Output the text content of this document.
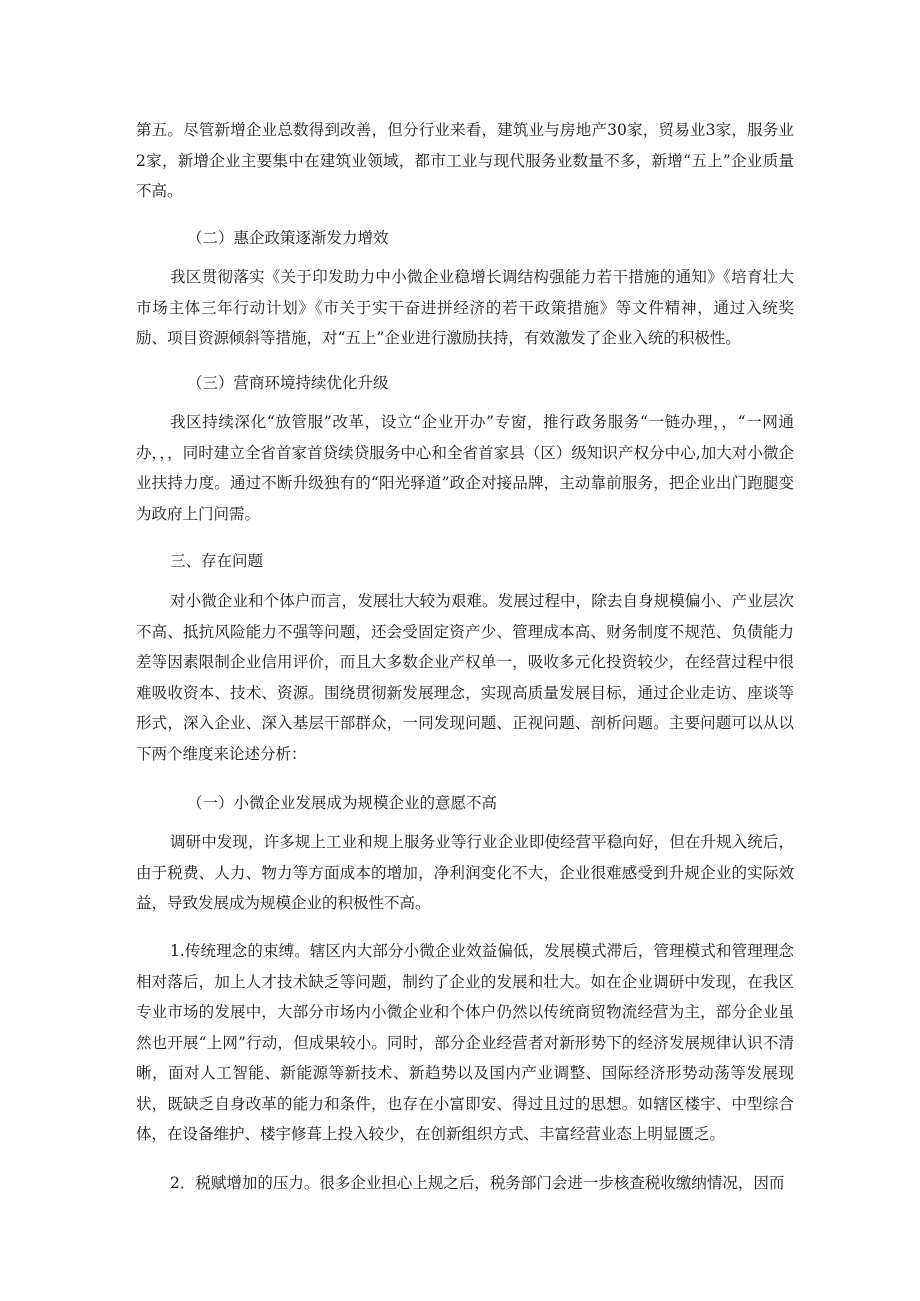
第五。尽管新增企业总数得到改善，但分行业来看，建筑业与房地产30家，贸易业3家，服务业2家，新增企业主要集中在建筑业领域，都市工业与现代服务业数量不多，新增“五上”企业质量不高。

（二）惠企政策逐渐发力增效

我区贯彻落实《关于印发助力中小微企业稳增长调结构强能力若干措施的通知》《培育壮大市场主体三年行动计划》《市关于实干奋进拼经济的若干政策措施》等文件精神，通过入统奖励、项目资源倾斜等措施，对“五上”企业进行激励扶持，有效激发了企业入统的积极性。

（三）营商环境持续优化升级

我区持续深化“放管服”改革，设立“企业开办”专窗，推行政务服务“一链办理，，“一网通办，，，同时建立全省首家首贷续贷服务中心和全省首家县（区）级知识产权分中心,加大对小微企业扶持力度。通过不断升级独有的“阳光驿道”政企对接品牌，主动靠前服务，把企业出门跑腿变为政府上门问需。

三、存在问题

对小微企业和个体户而言，发展壮大较为艰难。发展过程中，除去自身规模偏小、产业层次不高、抵抗风险能力不强等问题，还会受固定资产少、管理成本高、财务制度不规范、负债能力差等因素限制企业信用评价，而且大多数企业产权单一，吸收多元化投资较少，在经营过程中很难吸收资本、技术、资源。围绕贯彻新发展理念，实现高质量发展目标，通过企业走访、座谈等形式，深入企业、深入基层干部群众，一同发现问题、正视问题、剖析问题。主要问题可以从以下两个维度来论述分析：

（一）小微企业发展成为规模企业的意愿不高

调研中发现，许多规上工业和规上服务业等行业企业即使经营平稳向好，但在升规入统后，由于税费、人力、物力等方面成本的增加，净利润变化不大，企业很难感受到升规企业的实际效益，导致发展成为规模企业的积极性不高。

1.传统理念的束缚。辖区内大部分小微企业效益偏低，发展模式滞后，管理模式和管理理念相对落后，加上人才技术缺乏等问题，制约了企业的发展和壮大。如在企业调研中发现，在我区专业市场的发展中，大部分市场内小微企业和个体户仍然以传统商贸物流经营为主，部分企业虽然也开展“上网”行动，但成果较小。同时，部分企业经营者对新形势下的经济发展规律认识不清晰，面对人工智能、新能源等新技术、新趋势以及国内产业调整、国际经济形势动荡等发展现状，既缺乏自身改革的能力和条件，也存在小富即安、得过且过的思想。如辖区楼宇、中型综合体，在设备维护、楼宇修葺上投入较少，在创新组织方式、丰富经营业态上明显匮乏。

2．税赋增加的压力。很多企业担心上规之后，税务部门会进一步核查税收缴纳情况，因而
